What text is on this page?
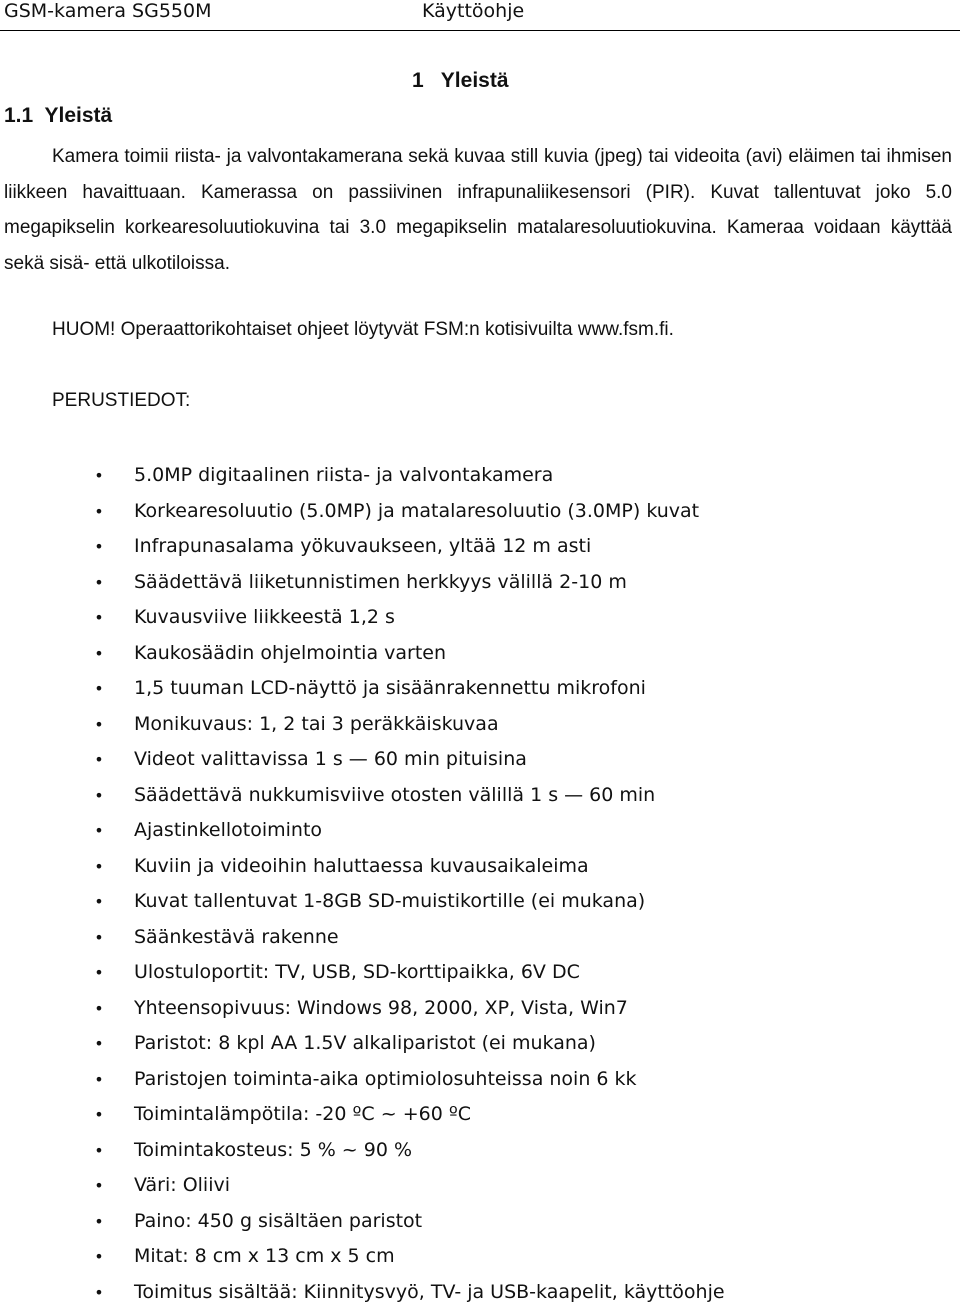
GSM-kamera SG550M	Käyttöohje
1   Yleistä
1.1  Yleistä

Kamera toimii riista- ja valvontakamerana sekä kuvaa still kuvia (jpeg) tai videoita (avi) eläimen tai ihmisen liikkeen havaittuaan. Kamerassa on passiivinen infrapunaliikesensori (PIR). Kuvat tallentuvat joko 5.0 megapikselin korkearesoluutiokuvina tai 3.0 megapikselin matalaresoluutiokuvina. Kameraa voidaan käyttää sekä sisä- että ulkotiloissa.

HUOM! Operaattorikohtaiset ohjeet löytyvät FSM:n kotisivuilta www.fsm.fi.
PERUSTIEDOT:
• 5.0MP digitaalinen riista- ja valvontakamera
• Korkearesoluutio (5.0MP) ja matalaresoluutio (3.0MP) kuvat
• Infrapunasalama yökuvaukseen, yltää 12 m asti
• Säädettävä liiketunnistimen herkkyys välillä 2-10 m
• Kuvausviive liikkeestä 1,2 s
• Kaukosäädin ohjelmointia varten
• 1,5 tuuman LCD-näyttö ja sisäänrakennettu mikrofoni
• Monikuvaus: 1, 2 tai 3 peräkkäiskuvaa
• Videot valittavissa 1 s — 60 min pituisina
• Säädettävä nukkumisviive otosten välillä 1 s — 60 min
• Ajastinkellotoiminto
• Kuviin ja videoihin haluttaessa kuvausaikaleima
• Kuvat tallentuvat 1-8GB SD-muistikortille (ei mukana)
• Säänkestävä rakenne
• Ulostuloportit: TV, USB, SD-korttipaikka, 6V DC
• Yhteensopivuus: Windows 98, 2000, XP, Vista, Win7
• Paristot: 8 kpl AA 1.5V alkaliparistot (ei mukana)
• Paristojen toiminta-aika optimiolosuhteissa noin 6 kk
• Toimintalämpötila: -20 ºC ~ +60 ºC
• Toimintakosteus: 5 % ~ 90 %
• Väri: Oliivi
• Paino: 450 g sisältäen paristot
• Mitat: 8 cm x 13 cm x 5 cm
• Toimitus sisältää: Kiinnitysvyö, TV- ja USB-kaapelit, käyttöohje
